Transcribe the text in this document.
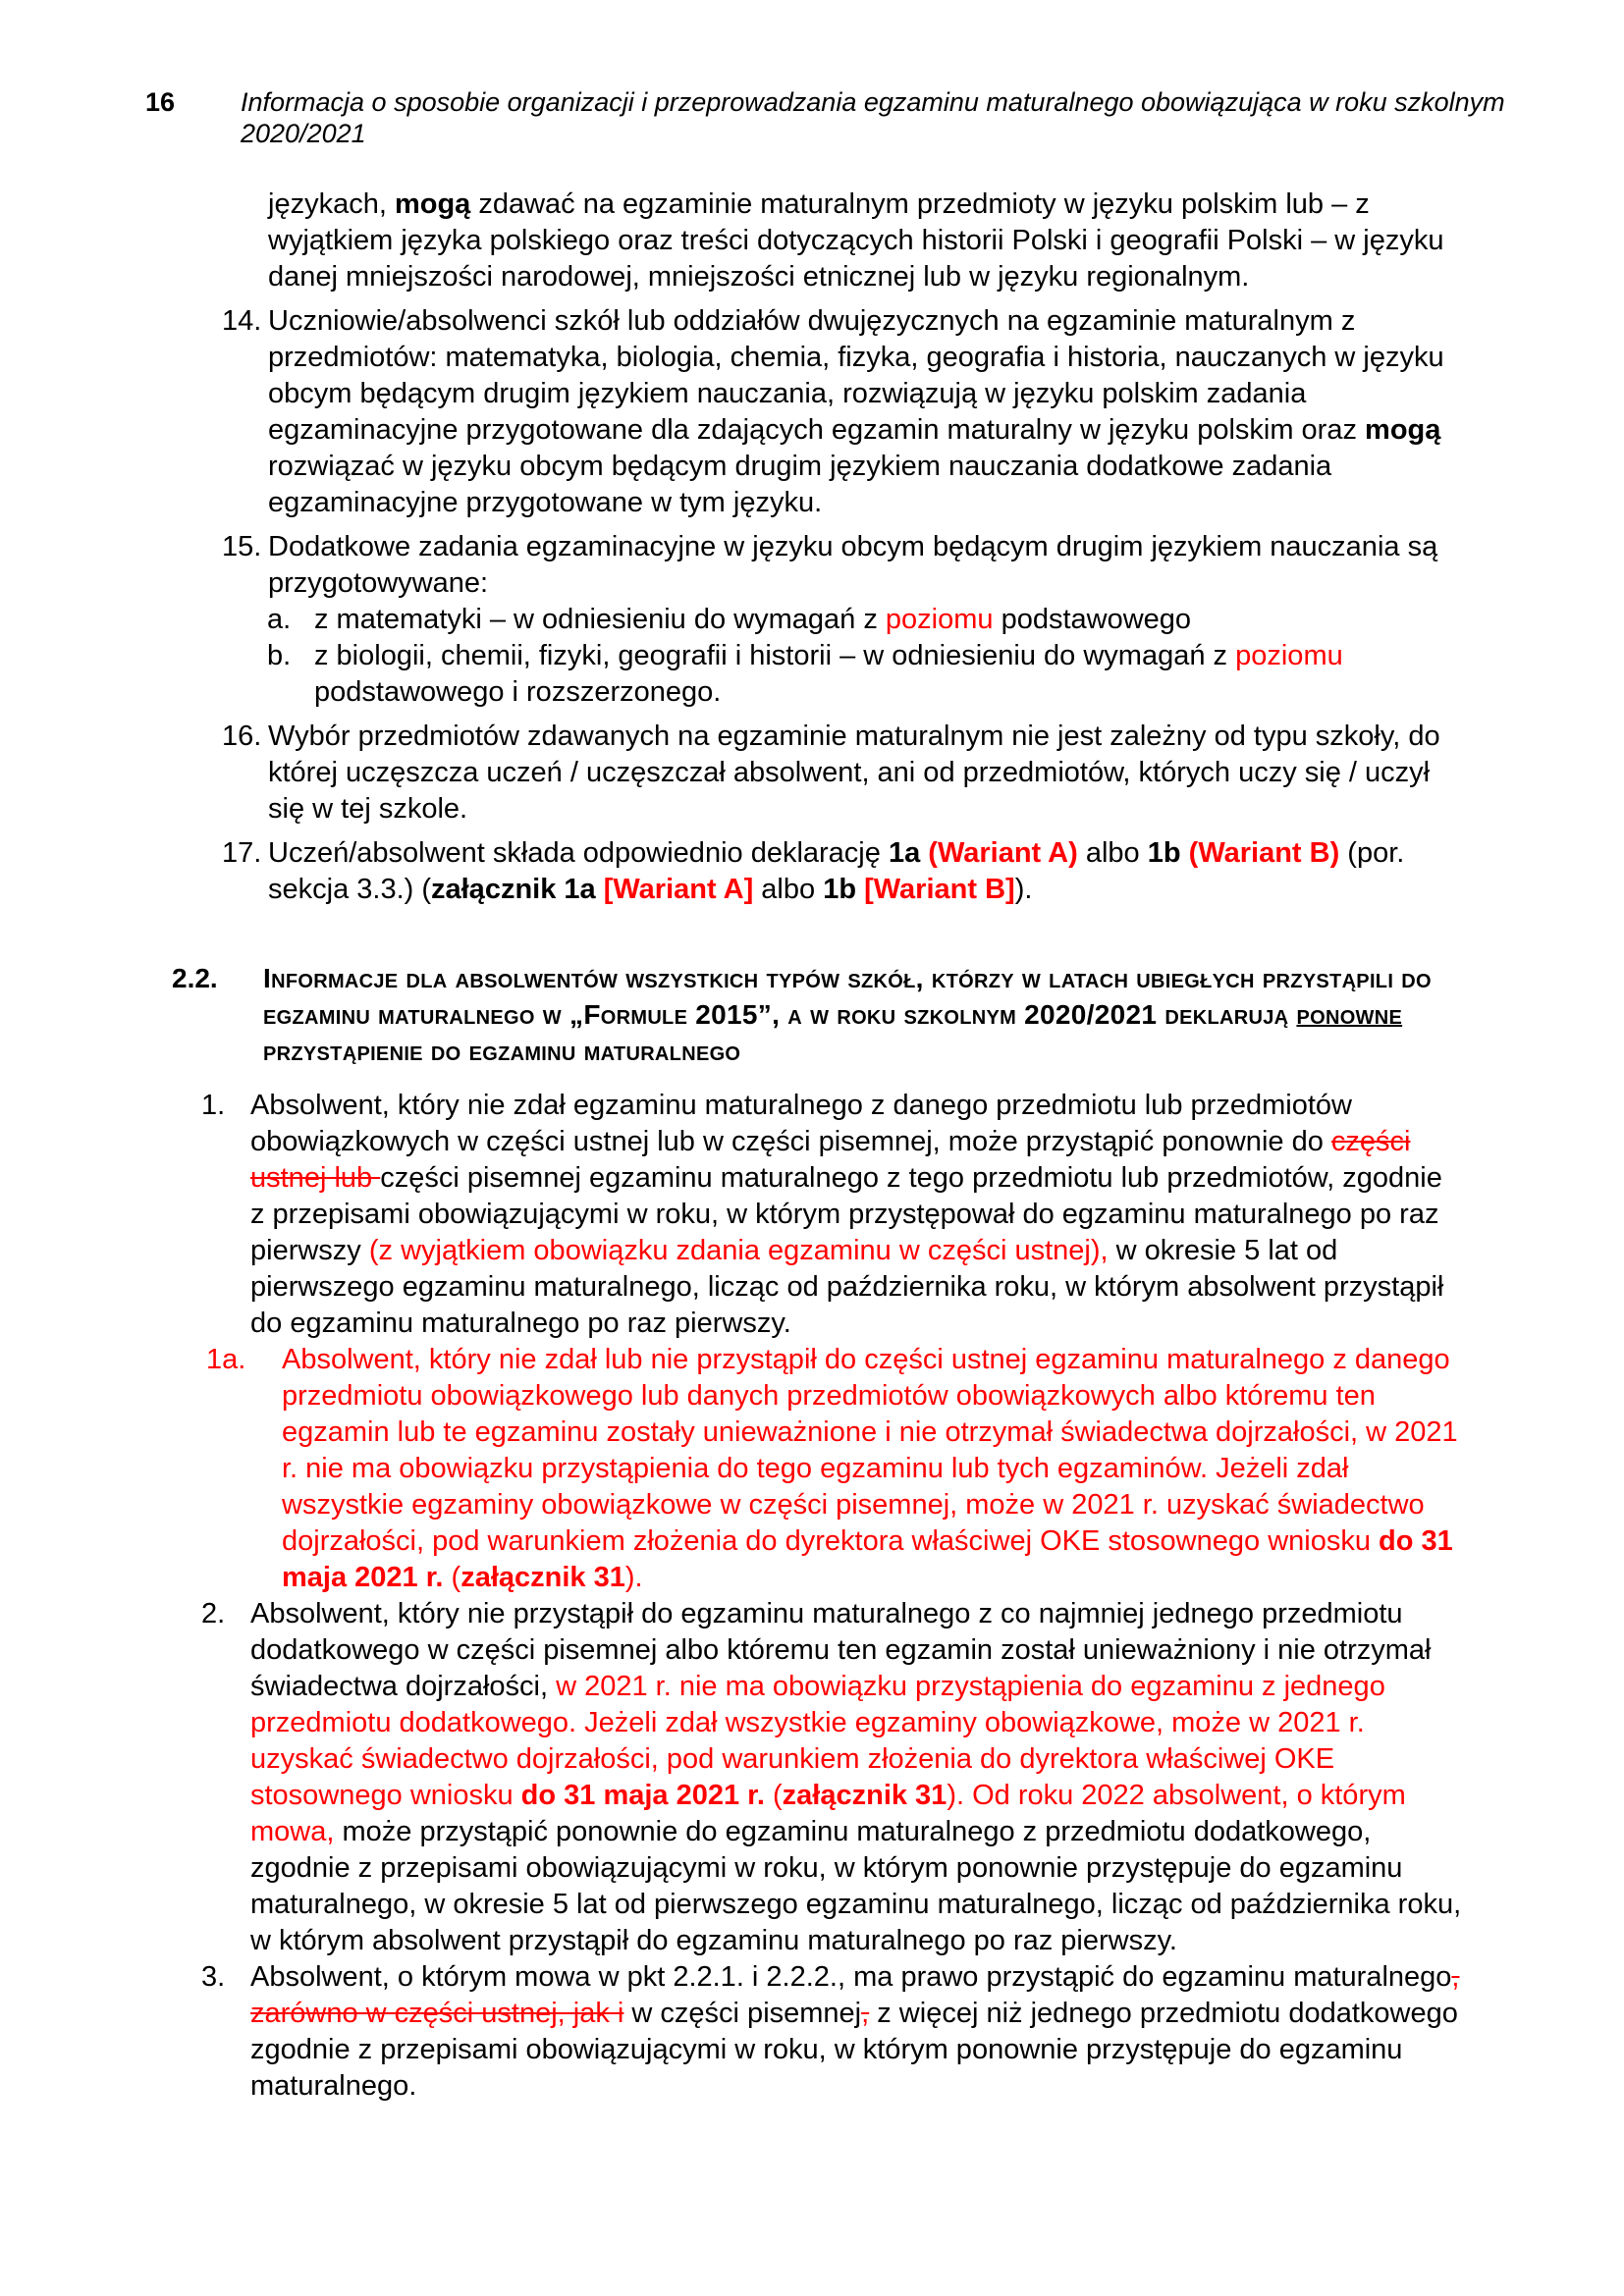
16 Informacja o sposobie organizacji i przeprowadzania egzaminu maturalnego obowiązująca w roku szkolnym 2020/2021

językach, mogą zdawać na egzaminie maturalnym przedmioty w języku polskim lub – z wyjątkiem języka polskiego oraz treści dotyczących historii Polski i geografii Polski – w języku danej mniejszości narodowej, mniejszości etnicznej lub w języku regionalnym.

14. Uczniowie/absolwenci szkół lub oddziałów dwujęzycznych na egzaminie maturalnym z przedmiotów: matematyka, biologia, chemia, fizyka, geografia i historia, nauczanych w języku obcym będącym drugim językiem nauczania, rozwiązują w języku polskim zadania egzaminacyjne przygotowane dla zdających egzamin maturalny w języku polskim oraz mogą rozwiązać w języku obcym będącym drugim językiem nauczania dodatkowe zadania egzaminacyjne przygotowane w tym języku.
15. Dodatkowe zadania egzaminacyjne w języku obcym będącym drugim językiem nauczania są przygotowywane:
a. z matematyki – w odniesieniu do wymagań z poziomu podstawowego
b. z biologii, chemii, fizyki, geografii i historii – w odniesieniu do wymagań z poziomu podstawowego i rozszerzonego.
16. Wybór przedmiotów zdawanych na egzaminie maturalnym nie jest zależny od typu szkoły, do której uczęszcza uczeń / uczęszczał absolwent, ani od przedmiotów, których uczy się / uczył się w tej szkole.
17. Uczeń/absolwent składa odpowiednio deklarację 1a (Wariant A) albo 1b (Wariant B) (por. sekcja 3.3.) (załącznik 1a [Wariant A] albo 1b [Wariant B]).
2.2. Informacje dla absolwentów wszystkich typów szkół, którzy w latach ubiegłych przystąpili do egzaminu maturalnego w „Formule 2015”, a w roku szkolnym 2020/2021 deklarują ponowne przystąpienie do egzaminu maturalnego
1. Absolwent, który nie zdał egzaminu maturalnego z danego przedmiotu lub przedmiotów obowiązkowych w części ustnej lub w części pisemnej, może przystąpić ponownie do części ustnej lub części pisemnej egzaminu maturalnego z tego przedmiotu lub przedmiotów, zgodnie z przepisami obowiązującymi w roku, w którym przystępował do egzaminu maturalnego po raz pierwszy (z wyjątkiem obowiązku zdania egzaminu w części ustnej), w okresie 5 lat od pierwszego egzaminu maturalnego, licząc od października roku, w którym absolwent przystąpił do egzaminu maturalnego po raz pierwszy.
1a. Absolwent, który nie zdał lub nie przystąpił do części ustnej egzaminu maturalnego z danego przedmiotu obowiązkowego lub danych przedmiotów obowiązkowych albo któremu ten egzamin lub te egzaminu zostały unieważnione i nie otrzymał świadectwa dojrzałości, w 2021 r. nie ma obowiązku przystąpienia do tego egzaminu lub tych egzaminów. Jeżeli zdał wszystkie egzaminy obowiązkowe w części pisemnej, może w 2021 r. uzyskać świadectwo dojrzałości, pod warunkiem złożenia do dyrektora właściwej OKE stosownego wniosku do 31 maja 2021 r. (załącznik 31).
2. Absolwent, który nie przystąpił do egzaminu maturalnego z co najmniej jednego przedmiotu dodatkowego w części pisemnej albo któremu ten egzamin został unieważniony i nie otrzymał świadectwa dojrzałości, w 2021 r. nie ma obowiązku przystąpienia do egzaminu z jednego przedmiotu dodatkowego. Jeżeli zdał wszystkie egzaminy obowiązkowe, może w 2021 r. uzyskać świadectwo dojrzałości, pod warunkiem złożenia do dyrektora właściwej OKE stosownego wniosku do 31 maja 2021 r. (załącznik 31). Od roku 2022 absolwent, o którym mowa, może przystąpić ponownie do egzaminu maturalnego z przedmiotu dodatkowego, zgodnie z przepisami obowiązującymi w roku, w którym ponownie przystępuje do egzaminu maturalnego, w okresie 5 lat od pierwszego egzaminu maturalnego, licząc od października roku, w którym absolwent przystąpił do egzaminu maturalnego po raz pierwszy.
3. Absolwent, o którym mowa w pkt 2.2.1. i 2.2.2., ma prawo przystąpić do egzaminu maturalnego, zarówno w części ustnej, jak i w części pisemnej, z więcej niż jednego przedmiotu dodatkowego zgodnie z przepisami obowiązującymi w roku, w którym ponownie przystępuje do egzaminu maturalnego.
